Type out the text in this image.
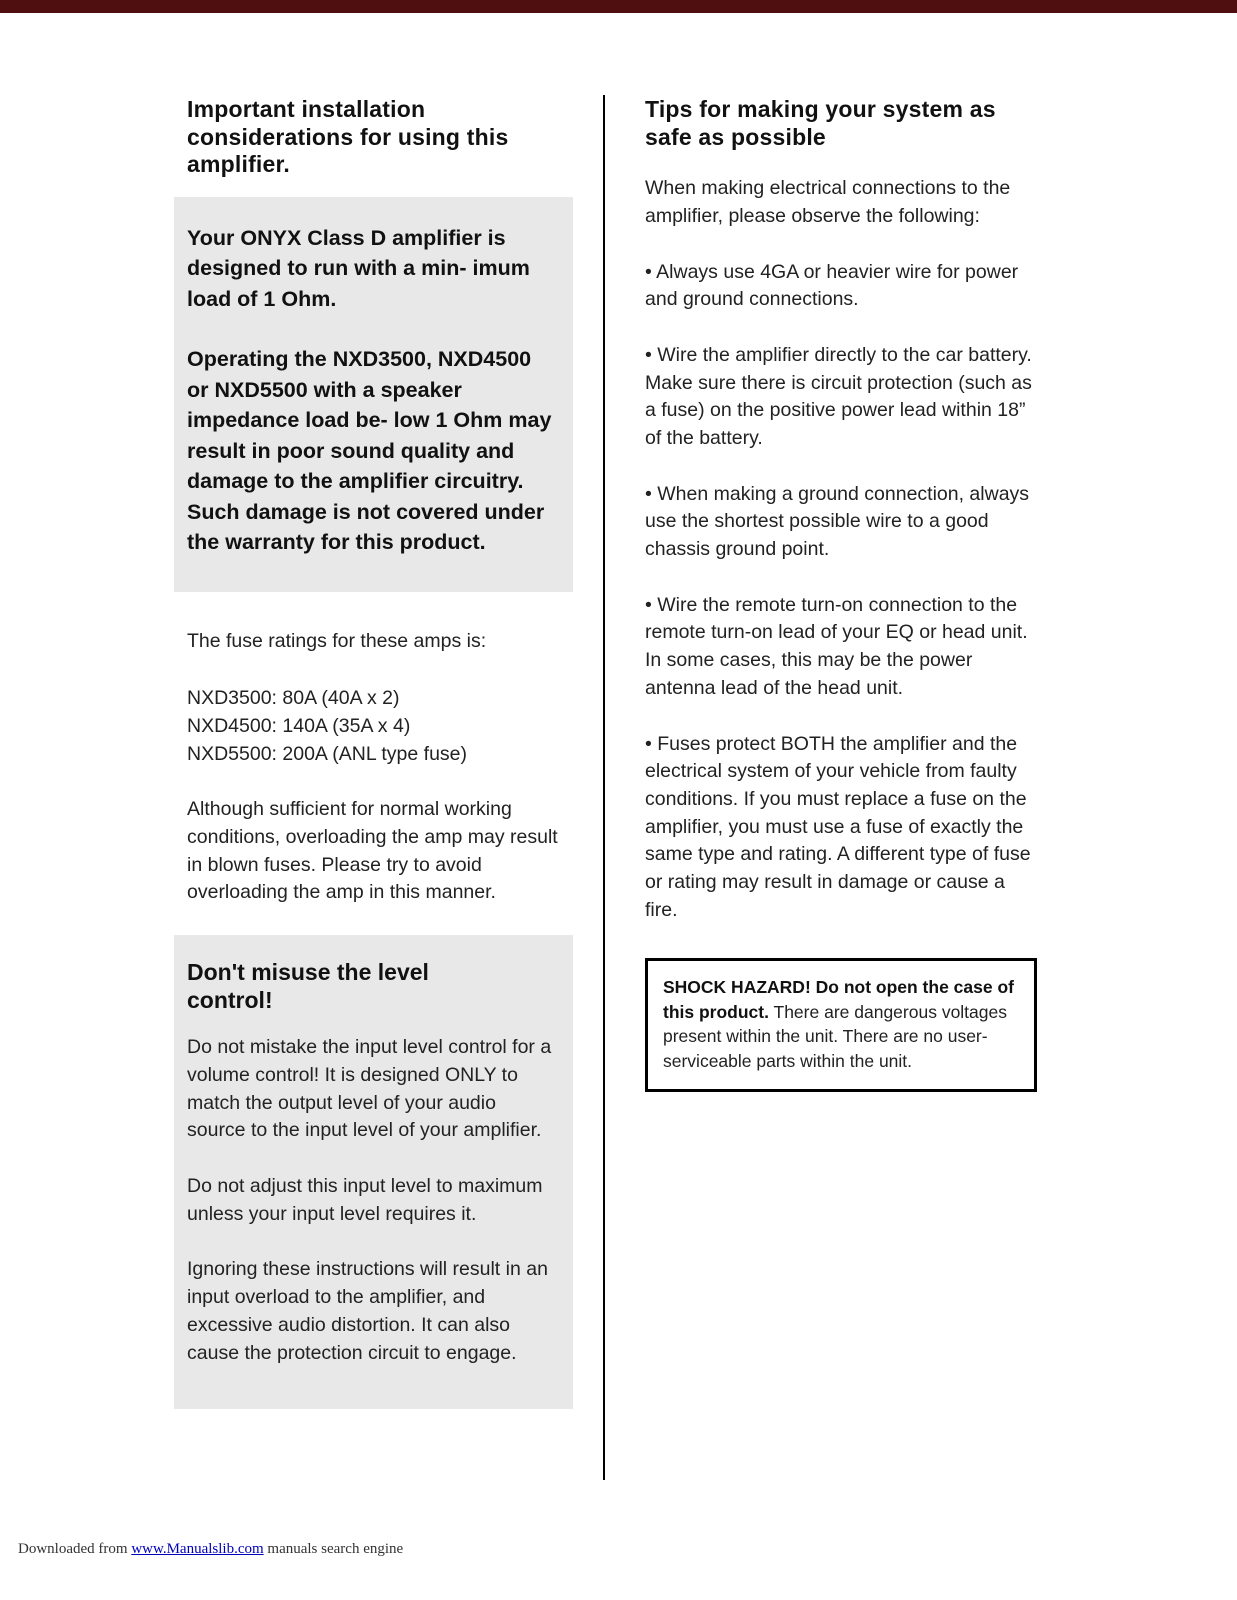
Important installation considerations for using this amplifier.

Your ONYX Class D amplifier is designed to run with a min- imum load of 1 Ohm.

Operating the NXD3500, NXD4500 or NXD5500 with a speaker impedance load be- low 1 Ohm may result in poor sound quality and damage to the amplifier circuitry. Such damage is not covered under the warranty for this product.

The fuse ratings for these amps is:

NXD3500: 80A (40A x 2)
NXD4500: 140A (35A x 4)
NXD5500: 200A (ANL type fuse)

Although sufficient for normal working conditions, overloading the amp may result in blown fuses. Please try to avoid overloading the amp in this manner.

Don't misuse the level control!

Do not mistake the input level control for a volume control! It is designed ONLY to match the output level of your audio source to the input level of your amplifier.

Do not adjust this input level to maximum unless your input level requires it.

Ignoring these instructions will result in an input overload to the amplifier, and excessive audio distortion. It can also cause the protection circuit to engage.

Tips for making your system as safe as possible

When making electrical connections to the amplifier, please observe the following:

• Always use 4GA or heavier wire for power and ground connections.

• Wire the amplifier directly to the car battery. Make sure there is circuit protection (such as a fuse) on the positive power lead within 18” of the battery.

• When making a ground connection, always use the shortest possible wire to a good chassis ground point.

• Wire the remote turn-on connection to the remote turn-on lead of your EQ or head unit. In some cases, this may be the power antenna lead of the head unit.

• Fuses protect BOTH the amplifier and the electrical system of your vehicle from faulty conditions. If you must replace a fuse on the amplifier, you must use a fuse of exactly the same type and rating. A different type of fuse or rating may result in damage or cause a fire.

SHOCK HAZARD! Do not open the case of this product. There are dangerous voltages present within the unit. There are no user-serviceable parts within the unit.
Downloaded from www.Manualslib.com manuals search engine
